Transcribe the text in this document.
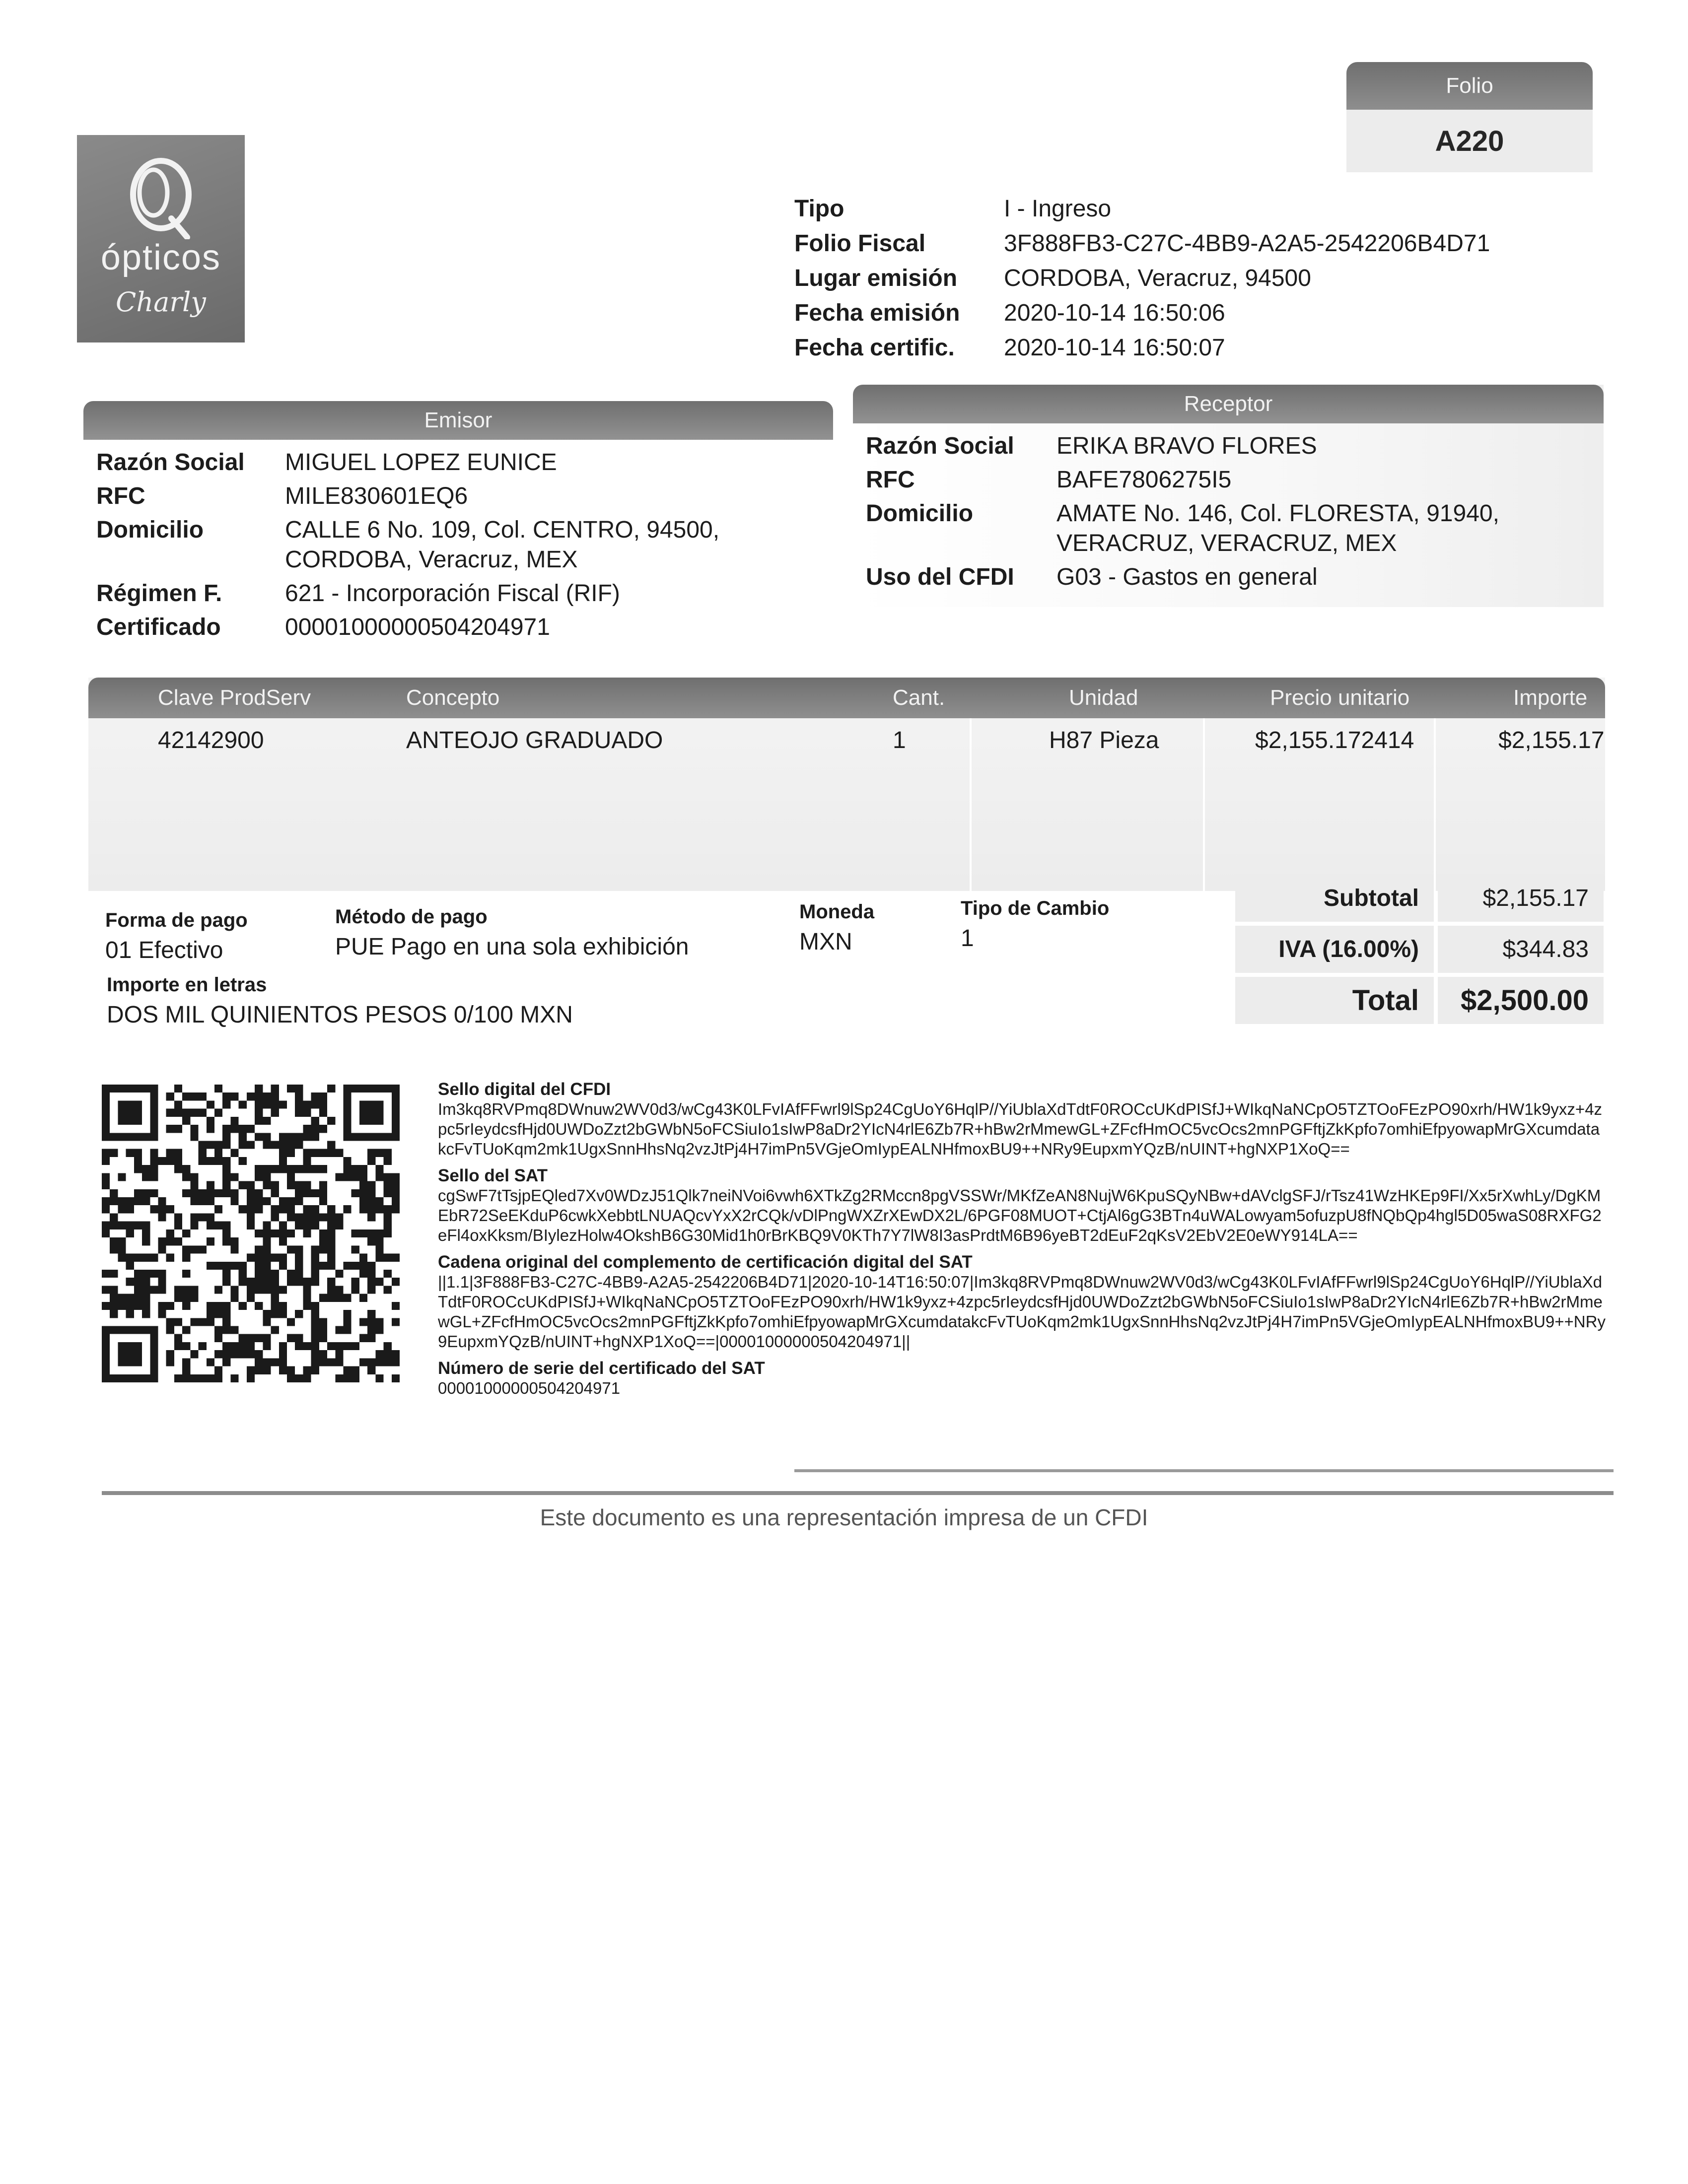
Folio
A220
ópticos
Charly
Tipo	I - Ingreso
Folio Fiscal	3F888FB3-C27C-4BB9-A2A5-2542206B4D71
Lugar emisión	CORDOBA, Veracruz, 94500
Fecha emisión	2020-10-14 16:50:06
Fecha certific.	2020-10-14 16:50:07
Emisor
Razón Social	MIGUEL LOPEZ EUNICE
RFC	MILE830601EQ6
Domicilio	CALLE 6 No. 109, Col. CENTRO, 94500, CORDOBA, Veracruz, MEX
Régimen F.	621 - Incorporación Fiscal (RIF)
Certificado	00001000000504204971
Receptor
Razón Social	ERIKA BRAVO FLORES
RFC	BAFE7806275I5
Domicilio	AMATE No. 146, Col. FLORESTA, 91940, VERACRUZ, VERACRUZ, MEX
Uso del CFDI	G03 - Gastos en general
Clave ProdServ	Concepto	Cant.	Unidad	Precio unitario	Importe
42142900	ANTEOJO GRADUADO	1	H87 Pieza	$2,155.172414	$2,155.17
Forma de pago
01 Efectivo
Método de pago
PUE Pago en una sola exhibición
Moneda
MXN
Tipo de Cambio
1
Importe en letras
DOS MIL QUINIENTOS PESOS 0/100 MXN
Subtotal	$2,155.17
IVA (16.00%)	$344.83
Total	$2,500.00
Sello digital del CFDI
Im3kq8RVPmq8DWnuw2WV0d3/wCg43K0LFvIAfFFwrl9lSp24CgUoY6HqlP//YiUblaXdTdtF0ROCcUKdPISfJ+WIkqNaNCpO5TZTOoFEzPO90xrh/HW1k9yxz+4zpc5rIeydcsfHjd0UWDoZzt2bGWbN5oFCSiuIo1sIwP8aDr2YIcN4rlE6Zb7R+hBw2rMmewGL+ZFcfHmOC5vcOcs2mnPGFftjZkKpfo7omhiEfpyowapMrGXcumdatakcFvTUoKqm2mk1UgxSnnHhsNq2vzJtPj4H7imPn5VGjeOmIypEALNHfmoxBU9++NRy9EupxmYQzB/nUINT+hgNXP1XoQ==
Sello del SAT
cgSwF7tTsjpEQled7Xv0WDzJ51Qlk7neiNVoi6vwh6XTkZg2RMccn8pgVSSWr/MKfZeAN8NujW6KpuSQyNBw+dAVclgSFJ/rTsz41WzHKEp9FI/Xx5rXwhLy/DgKMEbR72SeEKduP6cwkXebbtLNUAQcvYxX2rCQk/vDlPngWXZrXEwDX2L/6PGF08MUOT+CtjAl6gG3BTn4uWALowyam5ofuzpU8fNQbQp4hgl5D05waS08RXFG2eFl4oxKksm/BIylezHolw4OkshB6G30Mid1h0rBrKBQ9V0KTh7Y7lW8I3asPrdtM6B96yeBT2dEuF2qKsV2EbV2E0eWY914LA==
Cadena original del complemento de certificación digital del SAT
||1.1|3F888FB3-C27C-4BB9-A2A5-2542206B4D71|2020-10-14T16:50:07|Im3kq8RVPmq8DWnuw2WV0d3/wCg43K0LFvIAfFFwrl9lSp24CgUoY6HqlP//YiUblaXdTdtF0ROCcUKdPISfJ+WIkqNaNCpO5TZTOoFEzPO90xrh/HW1k9yxz+4zpc5rIeydcsfHjd0UWDoZzt2bGWbN5oFCSiuIo1sIwP8aDr2YIcN4rlE6Zb7R+hBw2rMmewGL+ZFcfHmOC5vcOcs2mnPGFftjZkKpfo7omhiEfpyowapMrGXcumdatakcFvTUoKqm2mk1UgxSnnHhsNq2vzJtPj4H7imPn5VGjeOmIypEALNHfmoxBU9++NRy9EupxmYQzB/nUINT+hgNXP1XoQ==|00001000000504204971||
Número de serie del certificado del SAT
00001000000504204971
Este documento es una representación impresa de un CFDI
